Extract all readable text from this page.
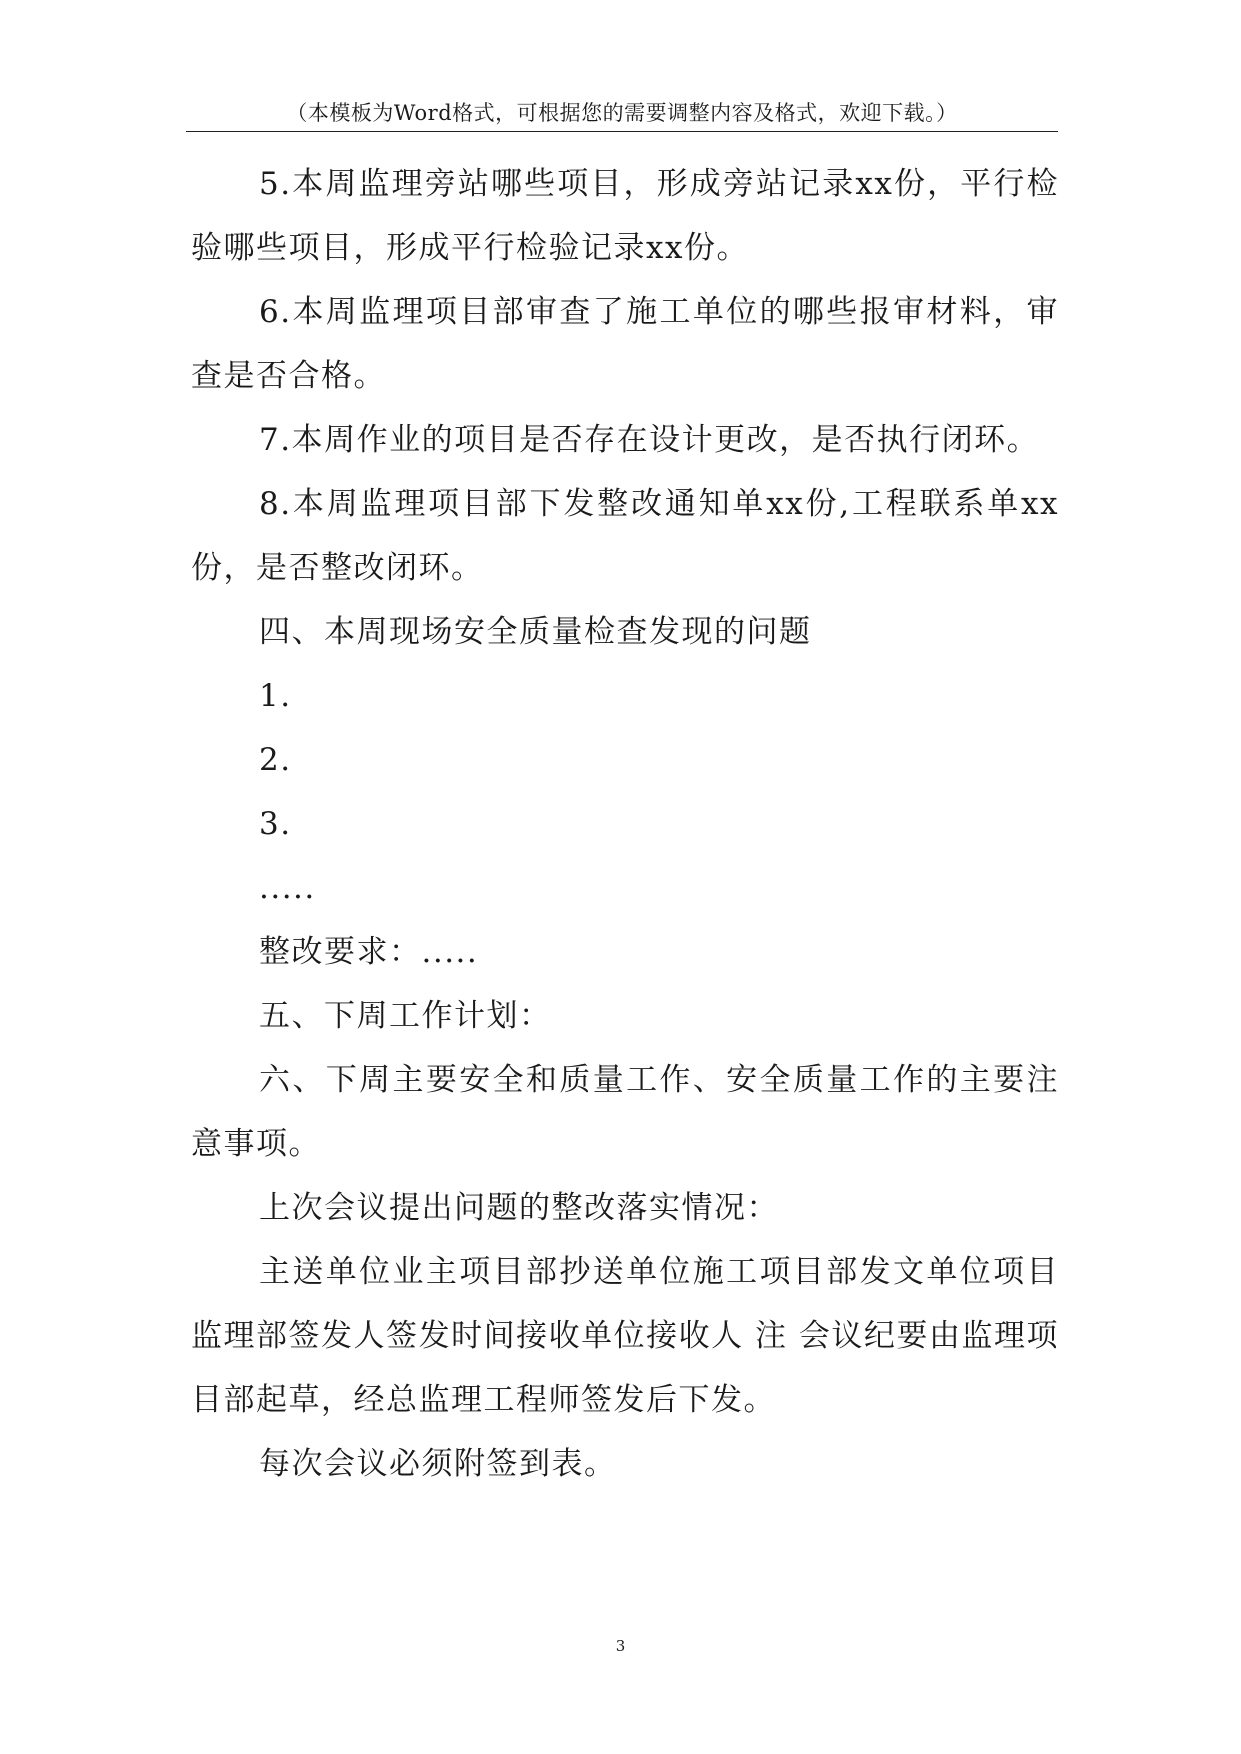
（本模板为Word格式，可根据您的需要调整内容及格式，欢迎下载。）

5.本周监理旁站哪些项目，形成旁站记录xx份，平行检验哪些项目，形成平行检验记录xx份。

6.本周监理项目部审查了施工单位的哪些报审材料，审查是否合格。

7.本周作业的项目是否存在设计更改，是否执行闭环。

8.本周监理项目部下发整改通知单xx份,工程联系单xx份，是否整改闭环。

四、本周现场安全质量检查发现的问题

1.

2.

3.

.....

整改要求：.....

五、下周工作计划：

六、下周主要安全和质量工作、安全质量工作的主要注意事项。

上次会议提出问题的整改落实情况：

主送单位业主项目部抄送单位施工项目部发文单位项目监理部签发人签发时间接收单位接收人 注 会议纪要由监理项目部起草，经总监理工程师签发后下发。

每次会议必须附签到表。

3
